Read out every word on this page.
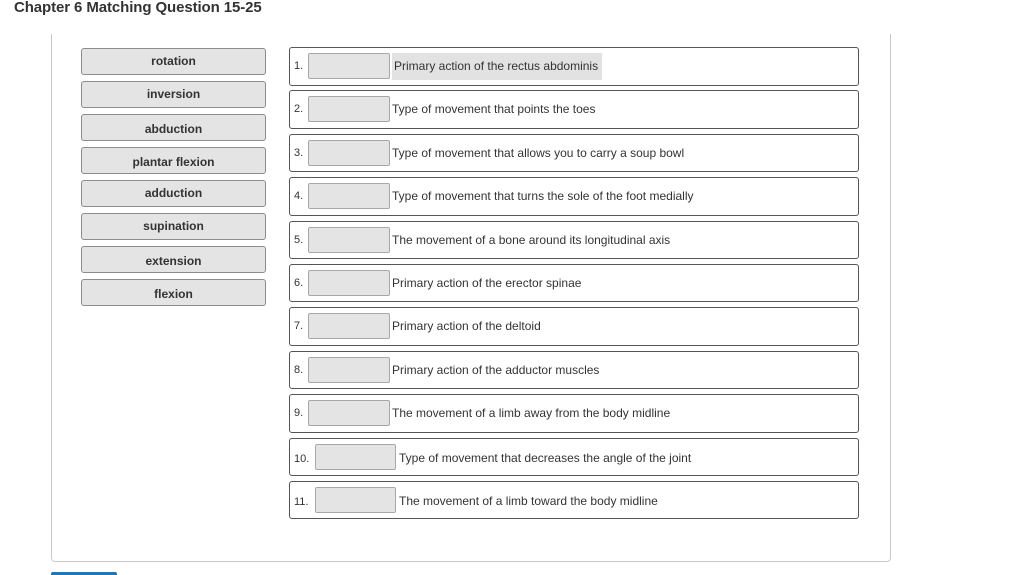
Chapter 6 Matching Question 15-25
rotation
inversion
abduction
plantar flexion
adduction
supination
extension
flexion
1.	Primary action of the rectus abdominis
2.	Type of movement that points the toes
3.	Type of movement that allows you to carry a soup bowl
4.	Type of movement that turns the sole of the foot medially
5.	The movement of a bone around its longitudinal axis
6.	Primary action of the erector spinae
7.	Primary action of the deltoid
8.	Primary action of the adductor muscles
9.	The movement of a limb away from the body midline
10.	Type of movement that decreases the angle of the joint
11.	The movement of a limb toward the body midline
